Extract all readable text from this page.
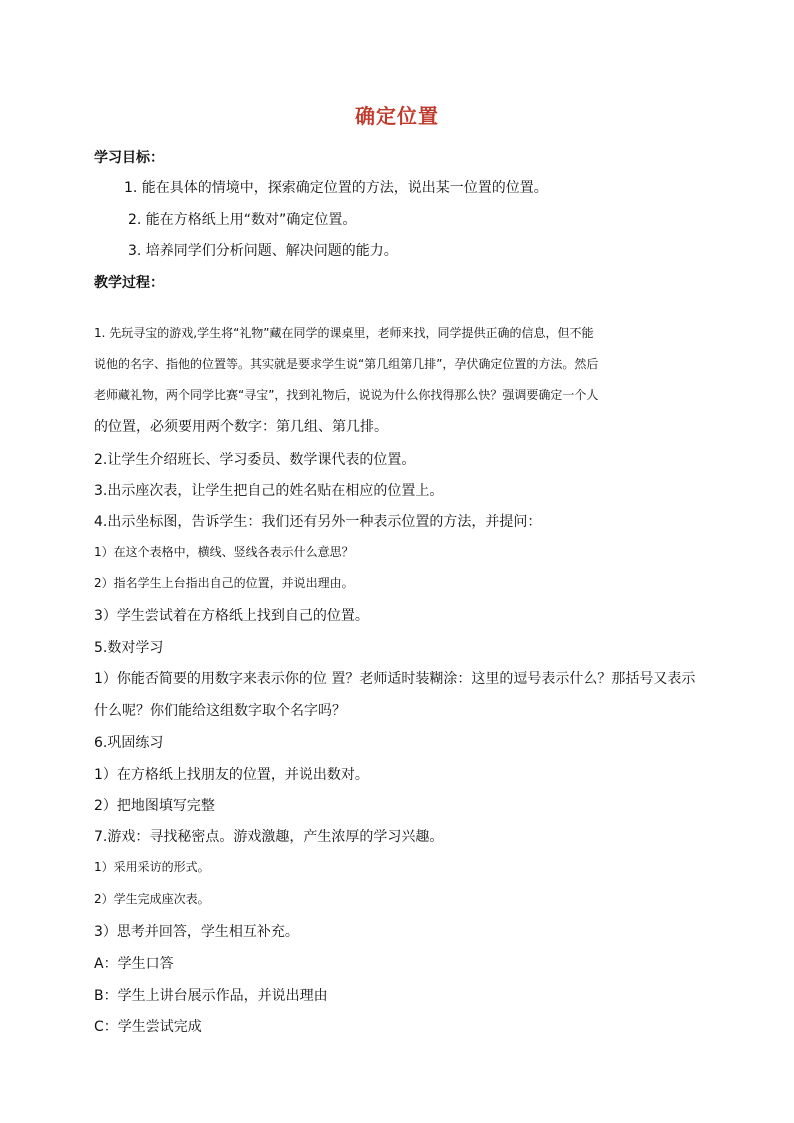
确定位置
学习目标：
1. 能在具体的情境中，探索确定位置的方法，说出某一位置的位置。
2. 能在方格纸上用“数对”确定位置。
3. 培养同学们分析问题、解决问题的能力。
教学过程：
1. 先玩寻宝的游戏,学生将“礼物”藏在同学的课桌里，老师来找，同学提供正确的信息，但不能
说他的名字、指他的位置等。其实就是要求学生说“第几组第几排”，孕伏确定位置的方法。然后
老师藏礼物，两个同学比赛“寻宝”，找到礼物后，说说为什么你找得那么快？强调要确定一个人
的位置，必须要用两个数字：第几组、第几排。
2.让学生介绍班长、学习委员、数学课代表的位置。
3.出示座次表，让学生把自己的姓名贴在相应的位置上。
4.出示坐标图，告诉学生：我们还有另外一种表示位置的方法，并提问：
1）在这个表格中，横线、竖线各表示什么意思？
2）指名学生上台指出自己的位置，并说出理由。
3）学生尝试着在方格纸上找到自己的位置。
5.数对学习
1）你能否简要的用数字来表示你的位 置？老师适时装糊涂：这里的逗号表示什么？那括号又表示
什么呢？你们能给这组数字取个名字吗？
6.巩固练习
1）在方格纸上找朋友的位置，并说出数对。
2）把地图填写完整
7.游戏：寻找秘密点。游戏激趣，产生浓厚的学习兴趣。
1）采用采访的形式。
2）学生完成座次表。
3）思考并回答，学生相互补充。
A：学生口答
B：学生上讲台展示作品，并说出理由
C：学生尝试完成
